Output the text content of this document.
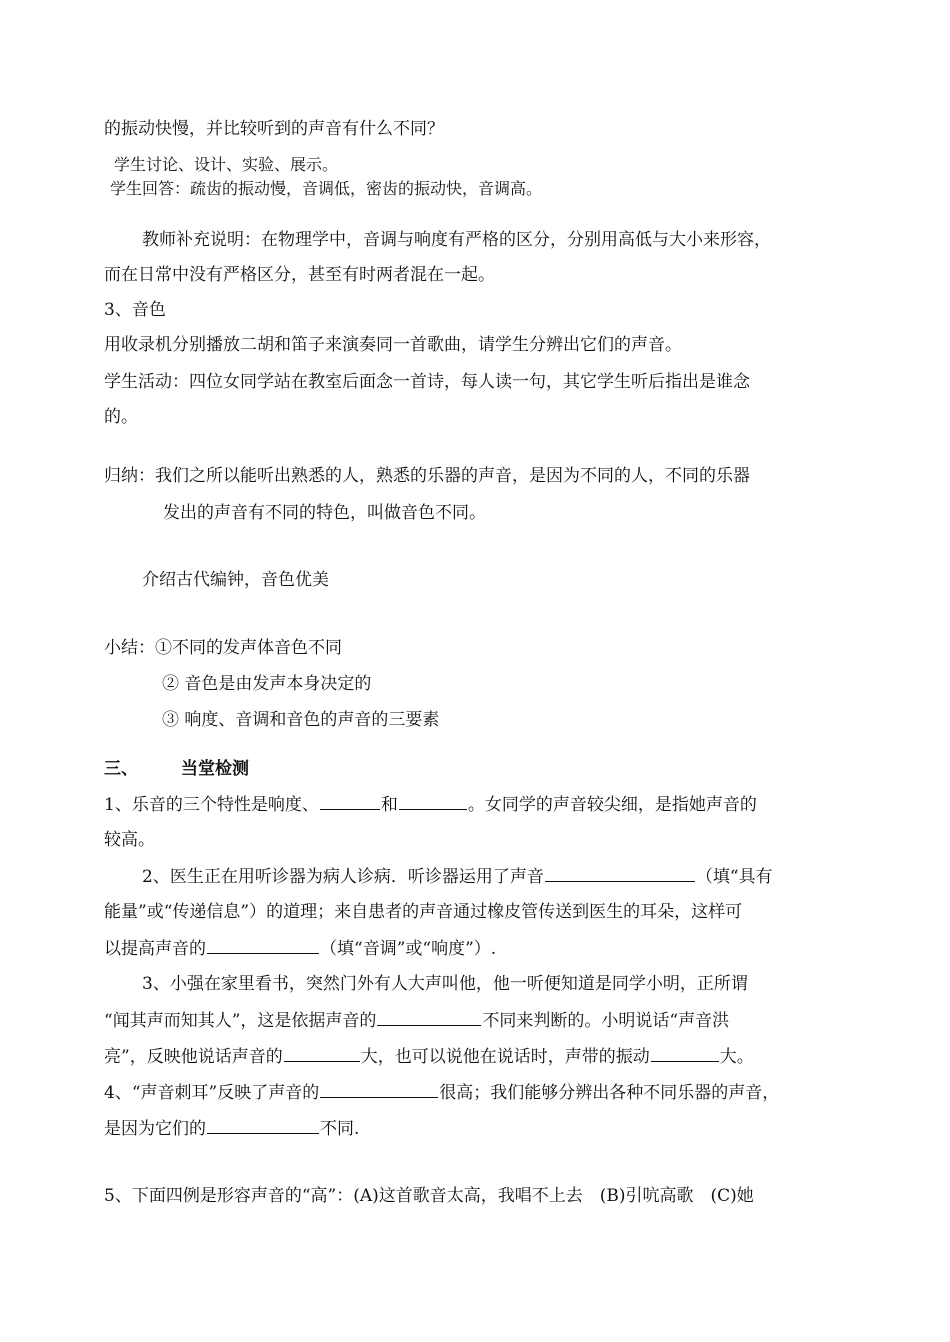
的振动快慢，并比较听到的声音有什么不同？
学生讨论、设计、实验、展示。
学生回答：疏齿的振动慢，音调低，密齿的振动快，音调高。
教师补充说明：在物理学中，音调与响度有严格的区分，分别用高低与大小来形容，
而在日常中没有严格区分，甚至有时两者混在一起。
3、音色
用收录机分别播放二胡和笛子来演奏同一首歌曲，请学生分辨出它们的声音。
学生活动：四位女同学站在教室后面念一首诗，每人读一句，其它学生听后指出是谁念
的。
归纳：我们之所以能听出熟悉的人，熟悉的乐器的声音，是因为不同的人，不同的乐器
发出的声音有不同的特色，叫做音色不同。
介绍古代编钟，音色优美
小结：①不同的发声体音色不同
② 音色是由发声本身决定的
③ 响度、音调和音色的声音的三要素
三、	当堂检测
1、乐音的三个特性是响度、	和	。女同学的声音较尖细，是指她声音的
较高。
2、医生正在用听诊器为病人诊病．听诊器运用了声音	（填“具有
能量”或“传递信息”）的道理；来自患者的声音通过橡皮管传送到医生的耳朵，这样可
以提高声音的	（填“音调”或“响度”）.
3、小强在家里看书，突然门外有人大声叫他，他一听便知道是同学小明，正所谓
“闻其声而知其人”，这是依据声音的	不同来判断的。小明说话“声音洪
亮”，反映他说话声音的	大，也可以说他在说话时，声带的振动	大。
4、“声音刺耳”反映了声音的	很高；我们能够分辨出各种不同乐器的声音，
是因为它们的	不同.
5、下面四例是形容声音的“高”：(A)这首歌音太高，我唱不上去　(B)引吭高歌　(C)她
